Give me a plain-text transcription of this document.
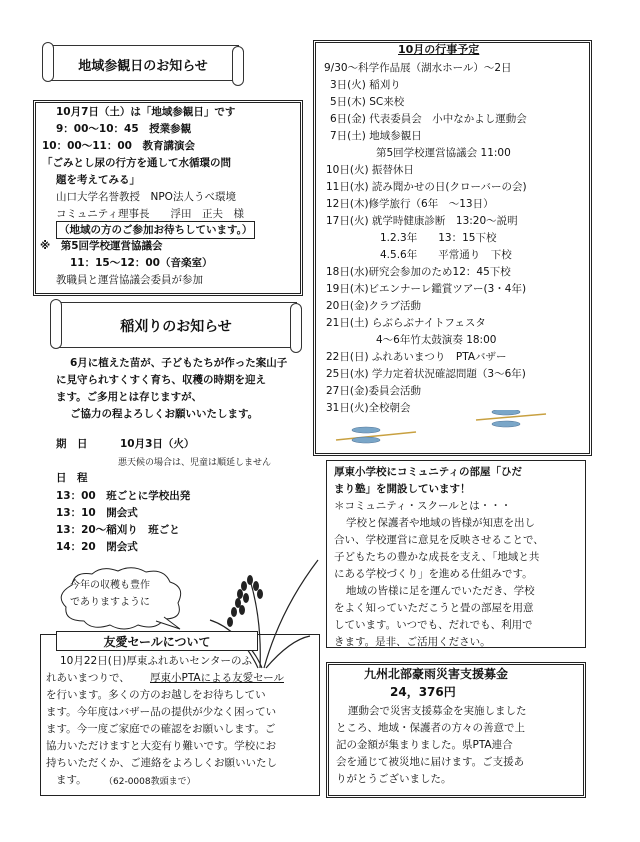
地域参観日のお知らせ
10月7日（土）は「地域参観日」です
9：00〜10：45　授業参観
10：00〜11：00　教育講演会
「ごみとし尿の行方を通して水循環の問
題を考えてみる」
山口大学名誉教授　NPO法人うべ環境
コミュニティ理事長　　浮田　正夫　様
（地域の方のご参加お待ちしています。）
※　第5回学校運営協議会
11：15〜12：00（音楽室）
教職員と運営協議会委員が参加
稲刈りのお知らせ
6月に植えた苗が、子どもたちが作った案山子
に見守られすくすく育ち、収穫の時期を迎え
ます。ご多用とは存じますが、
ご協力の程よろしくお願いいたします。
期　日	10月3日（火）
悪天候の場合は、児童は順延しません
日　程
13：00　班ごとに学校出発
13：10　開会式
13：20〜稲刈り　班ごと
14：20　閉会式
今年の収穫も豊作
でありますように
友愛セールについて
10月22日(日)厚東ふれあいセンターのふ
れあいまつりで、 厚東小PTAによる友愛セール
を行います。多くの方のお越しをお待ちしてい
ます。今年度はバザー品の提供が少なく困ってい
ます。今一度ご家庭での確認をお願いします。ご
協力いただけますと大変有り難いです。学校にお
持ちいただくか、ご連絡をよろしくお願いいたし
ます。 （62-0008教頭まで）
10月の行事予定
9/30〜科学作品展（湖水ホール）〜2日
3日(火) 稲刈り
5日(木) SC来校
6日(金) 代表委員会　小中なかよし運動会
7日(土) 地域参観日
第5回学校運営協議会 11:00
10日(火) 振替休日
11日(水) 読み聞かせの日(クローバーの会)
12日(木)修学旅行（6年　〜13日）
17日(火) 就学時健康診断　13:20〜説明
1.2.3年　　13：15下校
4.5.6年　　平常通り　下校
18日(水)研究会参加のため12：45下校
19日(木)ビエンナーレ鑑賞ツアー(3・4年)
20日(金)クラブ活動
21日(土) らぶらぶナイトフェスタ
4〜6年竹太鼓演奏 18:00
22日(日) ふれあいまつり　PTAバザー
25日(水) 学力定着状況確認問題（3〜6年)
27日(金)委員会活動
31日(火)全校朝会
厚東小学校にコミュニティの部屋「ひだ
まり塾」を開設しています！
＊コミュニティ・スクールとは・・・
学校と保護者や地域の皆様が知恵を出し
合い、学校運営に意見を反映させることで、
子どもたちの豊かな成長を支え、「地域と共
にある学校づくり」を進める仕組みです。
地域の皆様に足を運んでいただき、学校
をよく知っていただこうと畳の部屋を用意
しています。いつでも、だれでも、利用で
きます。是非、ご活用ください。
九州北部豪雨災害支援募金
24，376円
運動会で災害支援募金を実施しました
ところ、地域・保護者の方々の善意で上
記の金額が集まりました。県PTA連合
会を通じて被災地に届けます。ご支援あ
りがとうございました。
